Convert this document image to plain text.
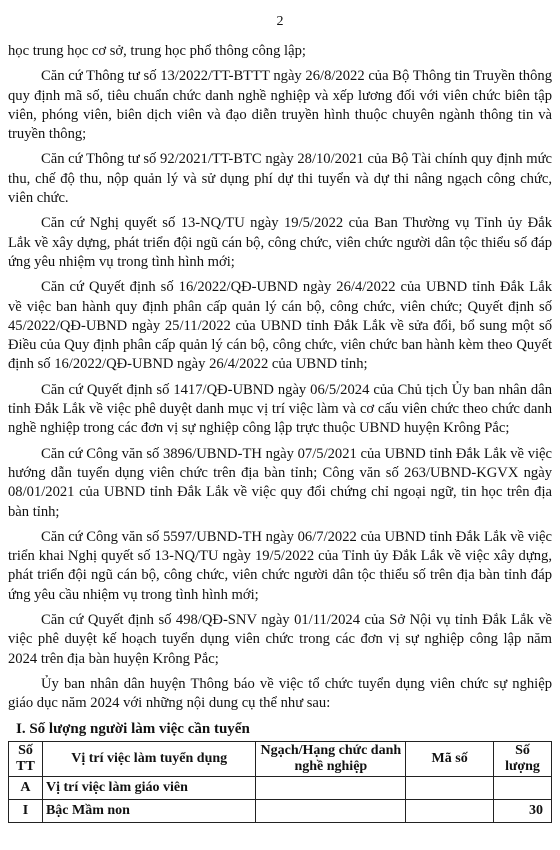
2

học trung học cơ sở, trung học phổ thông công lập;

Căn cứ Thông tư số 13/2022/TT-BTTT ngày 26/8/2022 của Bộ Thông tin Truyền thông quy định mã số, tiêu chuẩn chức danh nghề nghiệp và xếp lương đối với viên chức biên tập viên, phóng viên, biên dịch viên và đạo diễn truyền hình thuộc chuyên ngành thông tin và truyền thông;

Căn cứ Thông tư số 92/2021/TT-BTC ngày 28/10/2021 của Bộ Tài chính quy định mức thu, chế độ thu, nộp quản lý và sử dụng phí dự thi tuyển và dự thi nâng ngạch công chức, viên chức.

Căn cứ Nghị quyết số 13-NQ/TU ngày 19/5/2022 của Ban Thường vụ Tỉnh ủy Đắk Lắk về xây dựng, phát triển đội ngũ cán bộ, công chức, viên chức người dân tộc thiểu số đáp ứng yêu nhiệm vụ trong tình hình mới;

Căn cứ Quyết định số 16/2022/QĐ-UBND ngày 26/4/2022 của UBND tỉnh Đắk Lắk về việc ban hành quy định phân cấp quản lý cán bộ, công chức, viên chức; Quyết định số 45/2022/QĐ-UBND ngày 25/11/2022 của UBND tỉnh Đắk Lắk về sửa đổi, bổ sung một số Điều của Quy định phân cấp quản lý cán bộ, công chức, viên chức ban hành kèm theo Quyết định số 16/2022/QĐ-UBND ngày 26/4/2022 của UBND tỉnh;

Căn cứ Quyết định số 1417/QĐ-UBND ngày 06/5/2024 của Chủ tịch Ủy ban nhân dân tỉnh Đắk Lắk về việc phê duyệt danh mục vị trí việc làm và cơ cấu viên chức theo chức danh nghề nghiệp trong các đơn vị sự nghiệp công lập trực thuộc UBND huyện Krông Pắc;

Căn cứ Công văn số 3896/UBND-TH ngày 07/5/2021 của UBND tỉnh Đắk Lắk về việc hướng dẫn tuyển dụng viên chức trên địa bàn tỉnh; Công văn số 263/UBND-KGVX ngày 08/01/2021 của UBND tỉnh Đắk Lắk về việc quy đổi chứng chỉ ngoại ngữ, tin học trên địa bàn tỉnh;

Căn cứ Công văn số 5597/UBND-TH ngày 06/7/2022 của UBND tỉnh Đắk Lắk về việc triển khai Nghị quyết số 13-NQ/TU ngày 19/5/2022 của Tỉnh ủy Đắk Lắk về việc xây dựng, phát triển đội ngũ cán bộ, công chức, viên chức người dân tộc thiểu số trên địa bàn tỉnh đáp ứng yêu cầu nhiệm vụ trong tình hình mới;

Căn cứ Quyết định số 498/QĐ-SNV ngày 01/11/2024 của Sở Nội vụ tỉnh Đắk Lắk về việc phê duyệt kế hoạch tuyển dụng viên chức trong các đơn vị sự nghiệp công lập năm 2024 trên địa bàn huyện Krông Pắc;

Ủy ban nhân dân huyện Thông báo về việc tổ chức tuyển dụng viên chức sự nghiệp giáo dục năm 2024 với những nội dung cụ thể như sau:

I. Số lượng người làm việc cần tuyển
Số TT	Vị trí việc làm tuyển dụng	Ngạch/Hạng chức danh nghề nghiệp	Mã số	Số lượng
A	Vị trí việc làm giáo viên			
I	Bậc Mầm non			30
